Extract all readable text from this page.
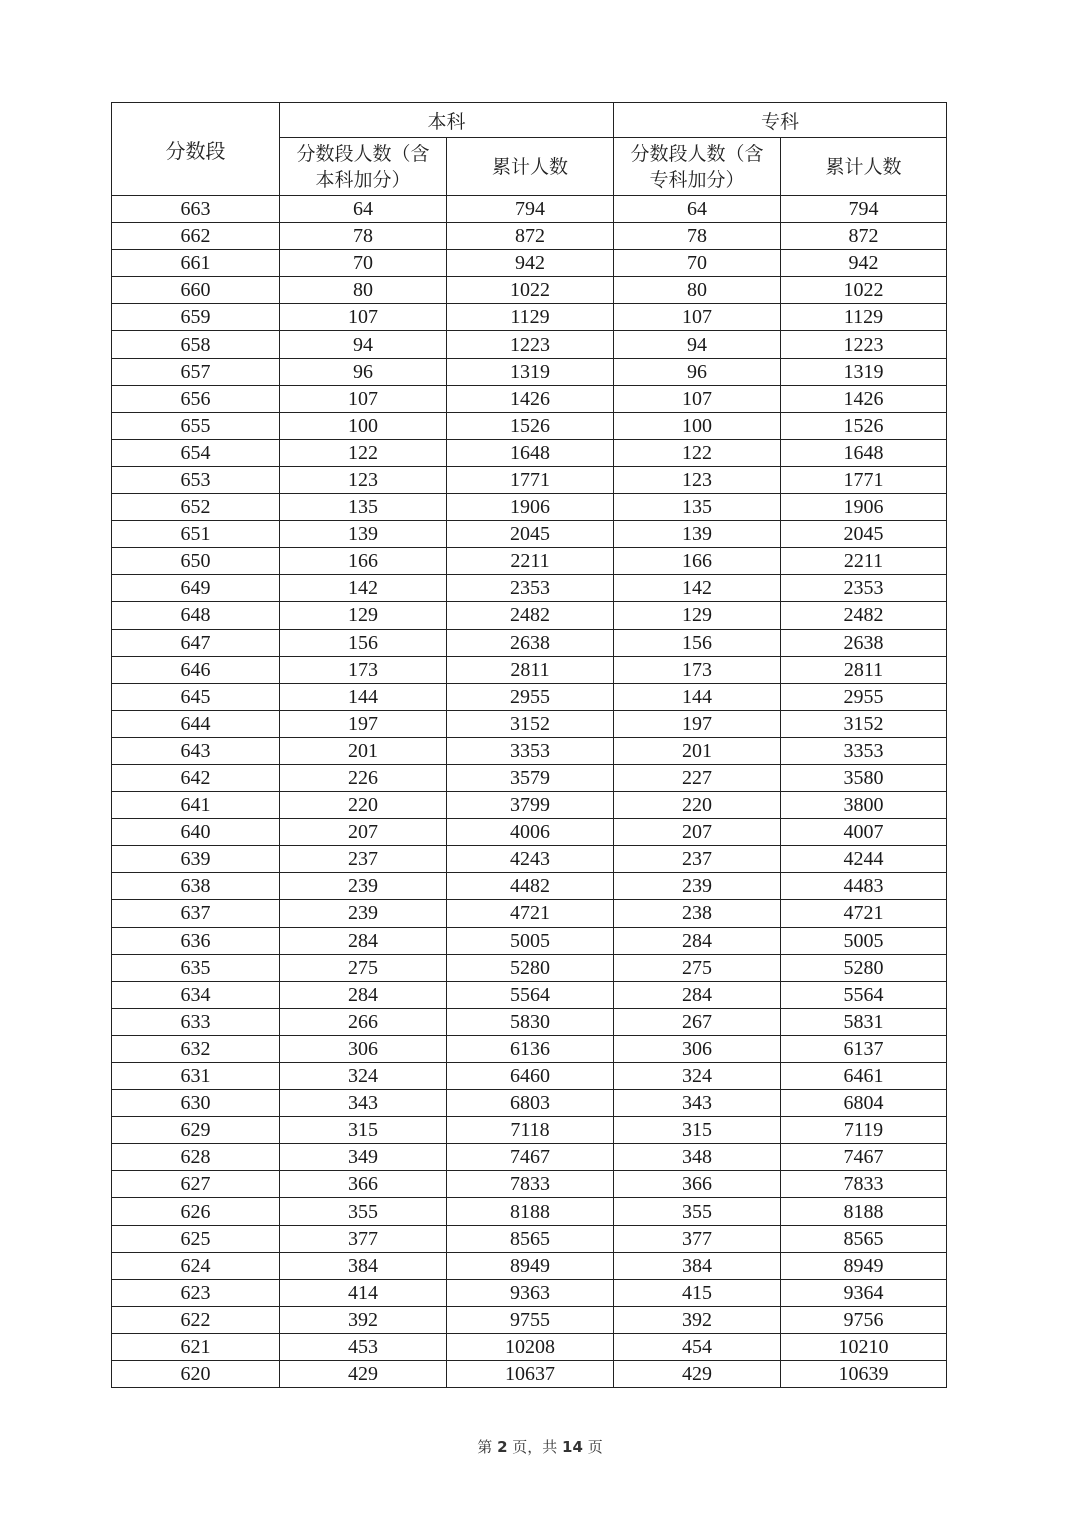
分数段	本科		专科	
	分数段人数（含
本科加分）	累计人数	分数段人数（含
专科加分）	累计人数
663	64	794	64	794
662	78	872	78	872
661	70	942	70	942
660	80	1022	80	1022
659	107	1129	107	1129
658	94	1223	94	1223
657	96	1319	96	1319
656	107	1426	107	1426
655	100	1526	100	1526
654	122	1648	122	1648
653	123	1771	123	1771
652	135	1906	135	1906
651	139	2045	139	2045
650	166	2211	166	2211
649	142	2353	142	2353
648	129	2482	129	2482
647	156	2638	156	2638
646	173	2811	173	2811
645	144	2955	144	2955
644	197	3152	197	3152
643	201	3353	201	3353
642	226	3579	227	3580
641	220	3799	220	3800
640	207	4006	207	4007
639	237	4243	237	4244
638	239	4482	239	4483
637	239	4721	238	4721
636	284	5005	284	5005
635	275	5280	275	5280
634	284	5564	284	5564
633	266	5830	267	5831
632	306	6136	306	6137
631	324	6460	324	6461
630	343	6803	343	6804
629	315	7118	315	7119
628	349	7467	348	7467
627	366	7833	366	7833
626	355	8188	355	8188
625	377	8565	377	8565
624	384	8949	384	8949
623	414	9363	415	9364
622	392	9755	392	9756
621	453	10208	454	10210
620	429	10637	429	10639
第 2 页，共 14 页
